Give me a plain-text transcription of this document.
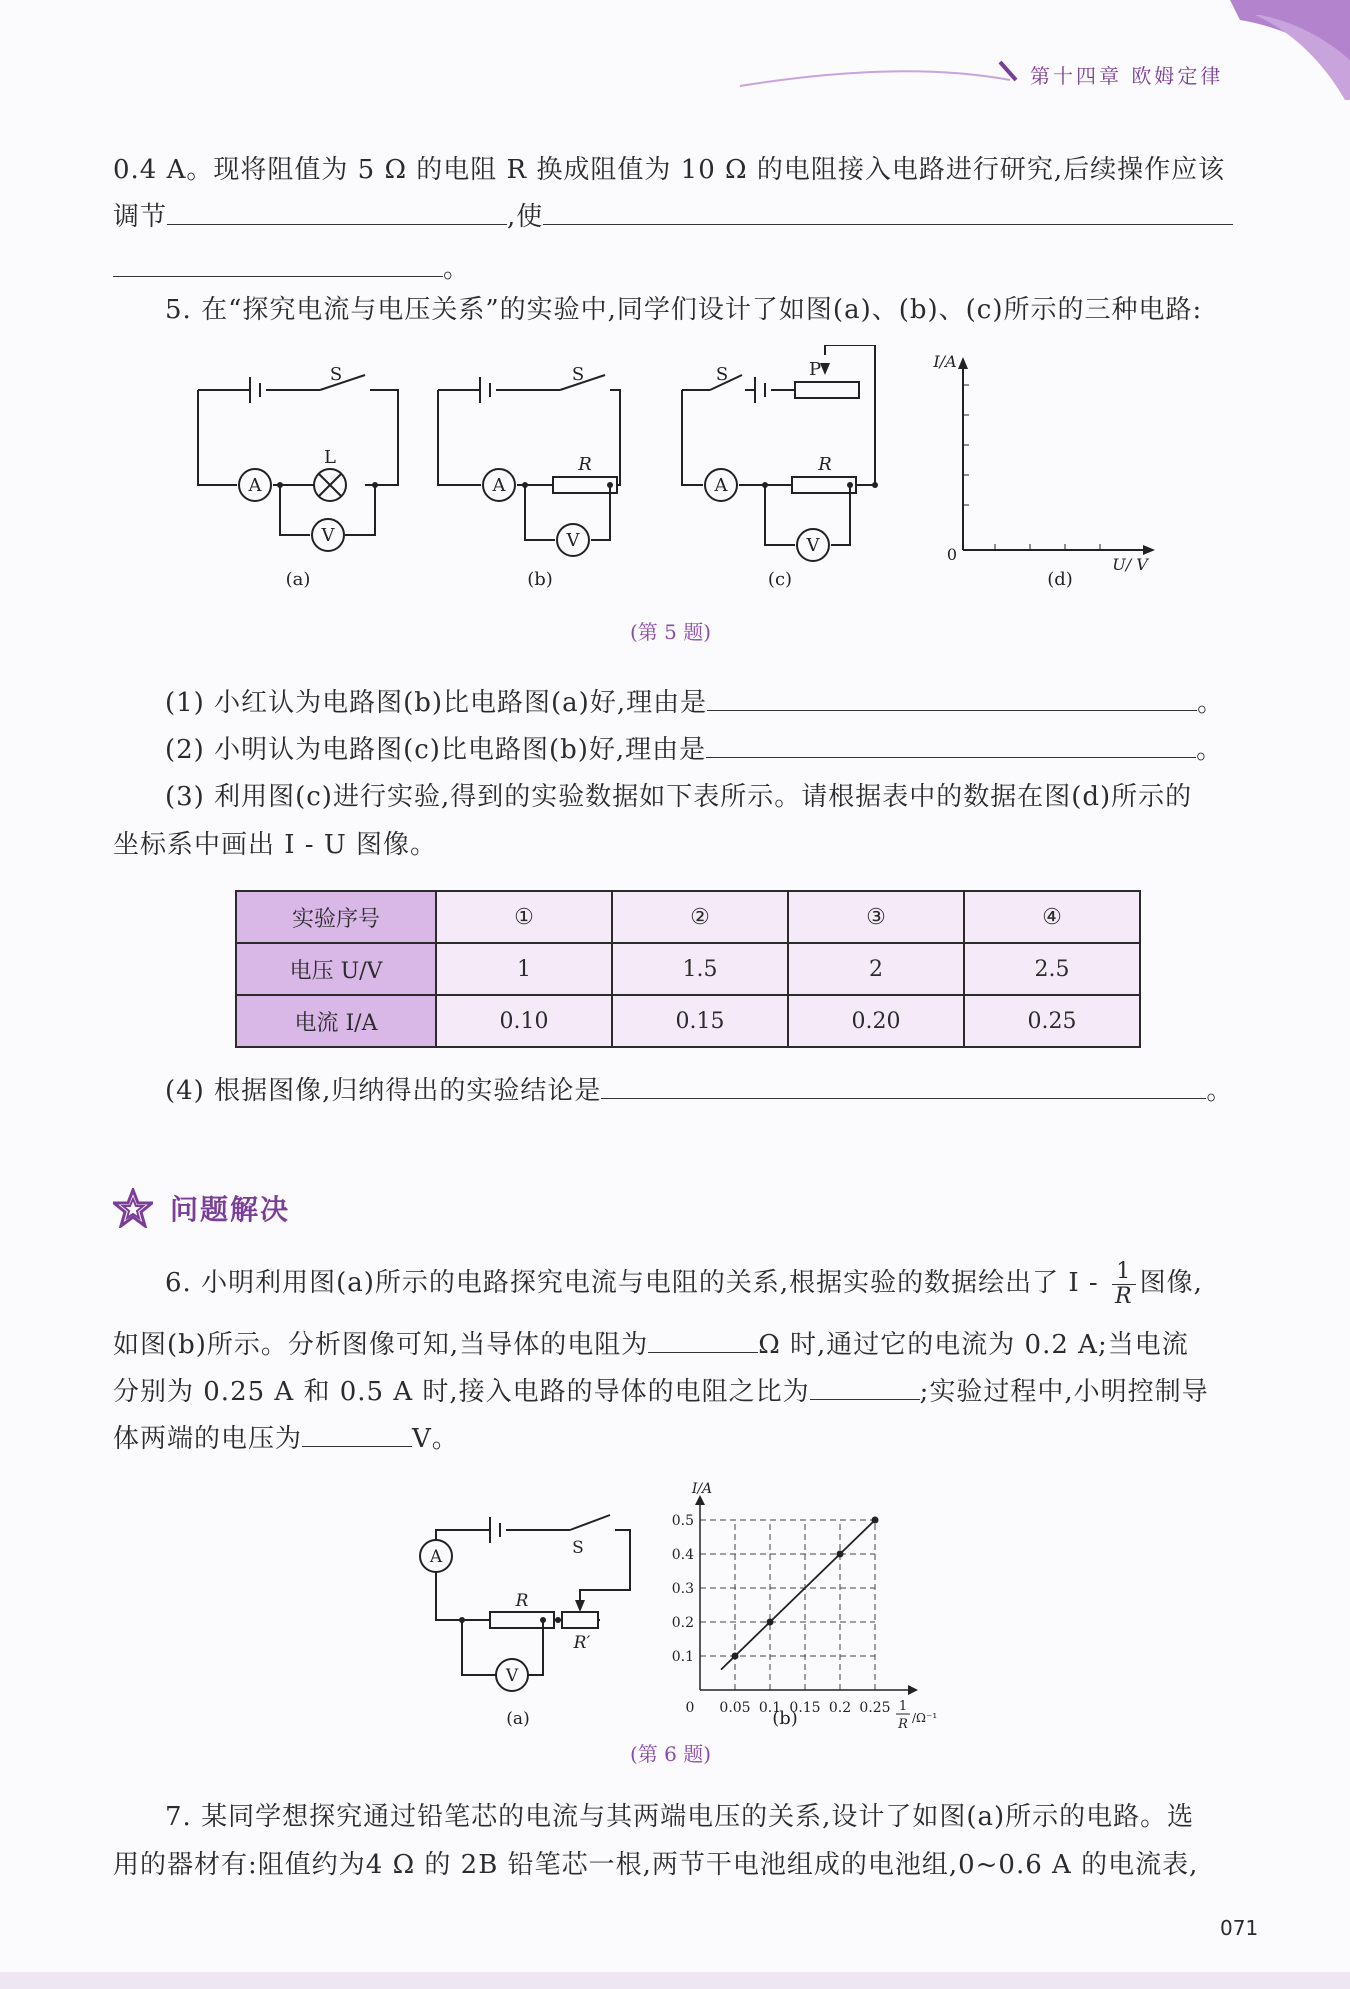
第十四章 欧姆定律
0.4 A。现将阻值为 5 Ω 的电阻 R 换成阻值为 10 Ω 的电阻接入电路进行研究,后续操作应该
调节	,使
。
5. 在“探究电流与电压关系”的实验中,同学们设计了如图(a)、(b)、(c)所示的三种电路:
S
L
A
V
S
R
A
V
S	P
R
A
V
I/A
0
U/ V
(a)	(b)	(c)	(d)
(第 5 题)
(1) 小红认为电路图(b)比电路图(a)好,理由是	。
(2) 小明认为电路图(c)比电路图(b)好,理由是	。
(3) 利用图(c)进行实验,得到的实验数据如下表所示。请根据表中的数据在图(d)所示的
坐标系中画出 I - U 图像。
实验序号	①	②	③	④
电压 U/V	1	1.5	2	2.5
电流 I/A	0.10	0.15	0.20	0.25
(4) 根据图像,归纳得出的实验结论是	。
问题解决
6. 小明利用图(a)所示的电路探究电流与电阻的关系,根据实验的数据绘出了 I - $\frac{1}{R}$ 图像,
如图(b)所示。分析图像可知,当导体的电阻为	Ω 时,通过它的电流为 0.2 A;当电流
分别为 0.25 A 和 0.5 A 时,接入电路的导体的电阻之比为	;实验过程中,小明控制导
体两端的电压为	V。
S
A
R
R′
V
(a)
0 0.05 0.1 0.15 0.2 0.25
0.1
0.2
0.3
0.4
0.5
I/A
1
R /Ω⁻¹
(b)
(第 6 题)
7. 某同学想探究通过铅笔芯的电流与其两端电压的关系,设计了如图(a)所示的电路。选
用的器材有:阻值约为4 Ω 的 2B 铅笔芯一根,两节干电池组成的电池组,0~0.6 A 的电流表,
071
